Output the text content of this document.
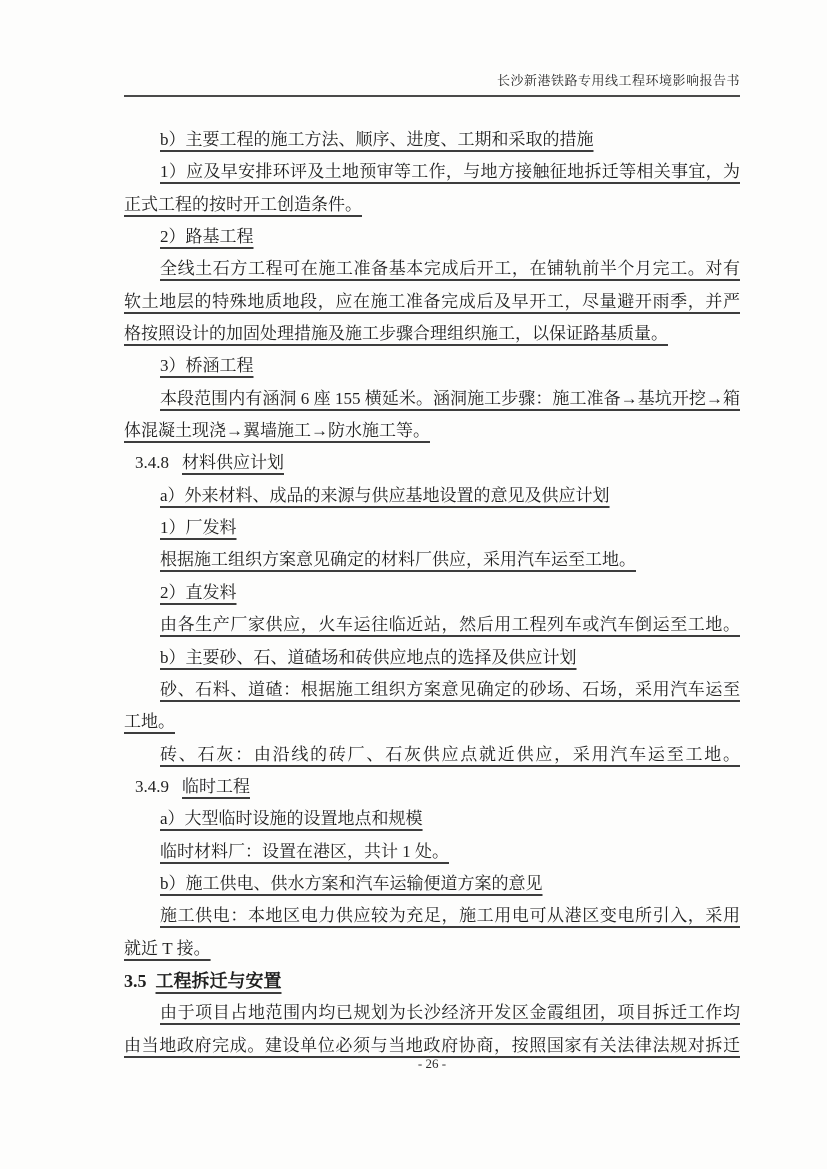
长沙新港铁路专用线工程环境影响报告书
b）主要工程的施工方法、顺序、进度、工期和采取的措施
1）应及早安排环评及土地预审等工作，与地方接触征地拆迁等相关事宜，为
正式工程的按时开工创造条件。
2）路基工程
全线土石方工程可在施工准备基本完成后开工，在铺轨前半个月完工。对有
软土地层的特殊地质地段，应在施工准备完成后及早开工，尽量避开雨季，并严
格按照设计的加固处理措施及施工步骤合理组织施工，以保证路基质量。
3）桥涵工程
本段范围内有涵洞 6 座 155 横延米。涵洞施工步骤：施工准备→基坑开挖→箱
体混凝土现浇→翼墙施工→防水施工等。
3.4.8 材料供应计划
a）外来材料、成品的来源与供应基地设置的意见及供应计划
1）厂发料
根据施工组织方案意见确定的材料厂供应，采用汽车运至工地。
2）直发料
由各生产厂家供应，火车运往临近站，然后用工程列车或汽车倒运至工地。
b）主要砂、石、道碴场和砖供应地点的选择及供应计划
砂、石料、道碴：根据施工组织方案意见确定的砂场、石场，采用汽车运至
工地。
砖、石灰：由沿线的砖厂、石灰供应点就近供应，采用汽车运至工地。
3.4.9 临时工程
a）大型临时设施的设置地点和规模
临时材料厂：设置在港区，共计 1 处。
b）施工供电、供水方案和汽车运输便道方案的意见
施工供电：本地区电力供应较为充足，施工用电可从港区变电所引入，采用
就近 T 接。
3.5 工程拆迁与安置
由于项目占地范围内均已规划为长沙经济开发区金霞组团，项目拆迁工作均
由当地政府完成。建设单位必须与当地政府协商，按照国家有关法律法规对拆迁
- 26 -
